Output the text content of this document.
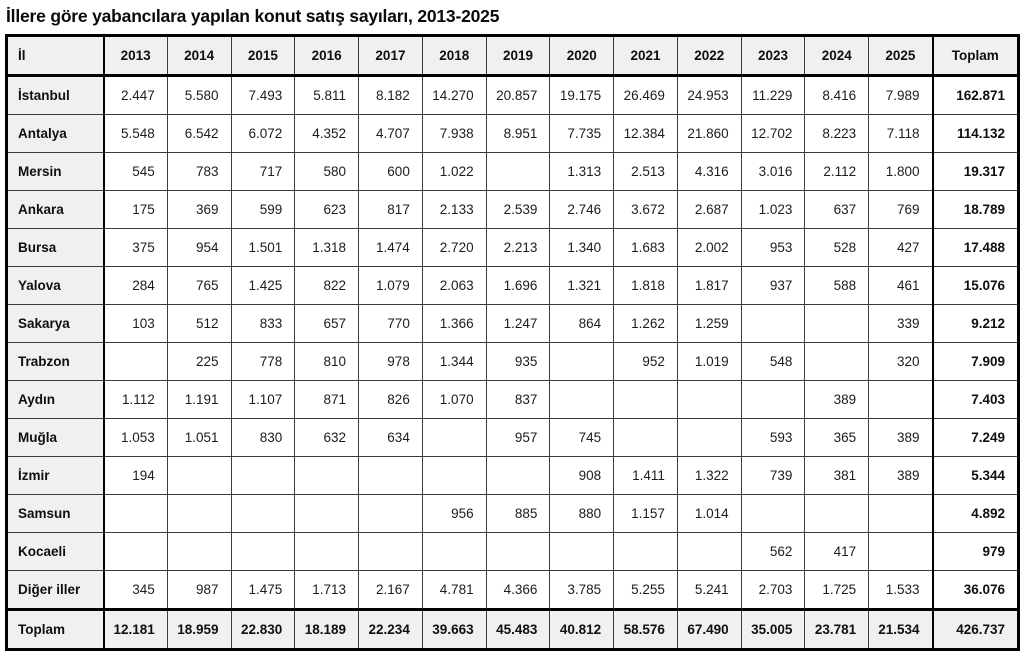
İllere göre yabancılara yapılan konut satış sayıları, 2013-2025
İl	2013	2014	2015	2016	2017	2018	2019	2020	2021	2022	2023	2024	2025	Toplam
İstanbul	2.447	5.580	7.493	5.811	8.182	14.270	20.857	19.175	26.469	24.953	11.229	8.416	7.989	162.871
Antalya	5.548	6.542	6.072	4.352	4.707	7.938	8.951	7.735	12.384	21.860	12.702	8.223	7.118	114.132
Mersin	545	783	717	580	600	1.022		1.313	2.513	4.316	3.016	2.112	1.800	19.317
Ankara	175	369	599	623	817	2.133	2.539	2.746	3.672	2.687	1.023	637	769	18.789
Bursa	375	954	1.501	1.318	1.474	2.720	2.213	1.340	1.683	2.002	953	528	427	17.488
Yalova	284	765	1.425	822	1.079	2.063	1.696	1.321	1.818	1.817	937	588	461	15.076
Sakarya	103	512	833	657	770	1.366	1.247	864	1.262	1.259			339	9.212
Trabzon		225	778	810	978	1.344	935		952	1.019	548		320	7.909
Aydın	1.112	1.191	1.107	871	826	1.070	837					389		7.403
Muğla	1.053	1.051	830	632	634		957	745			593	365	389	7.249
İzmir	194							908	1.411	1.322	739	381	389	5.344
Samsun						956	885	880	1.157	1.014				4.892
Kocaeli											562	417		979
Diğer iller	345	987	1.475	1.713	2.167	4.781	4.366	3.785	5.255	5.241	2.703	1.725	1.533	36.076
Toplam	12.181	18.959	22.830	18.189	22.234	39.663	45.483	40.812	58.576	67.490	35.005	23.781	21.534	426.737
